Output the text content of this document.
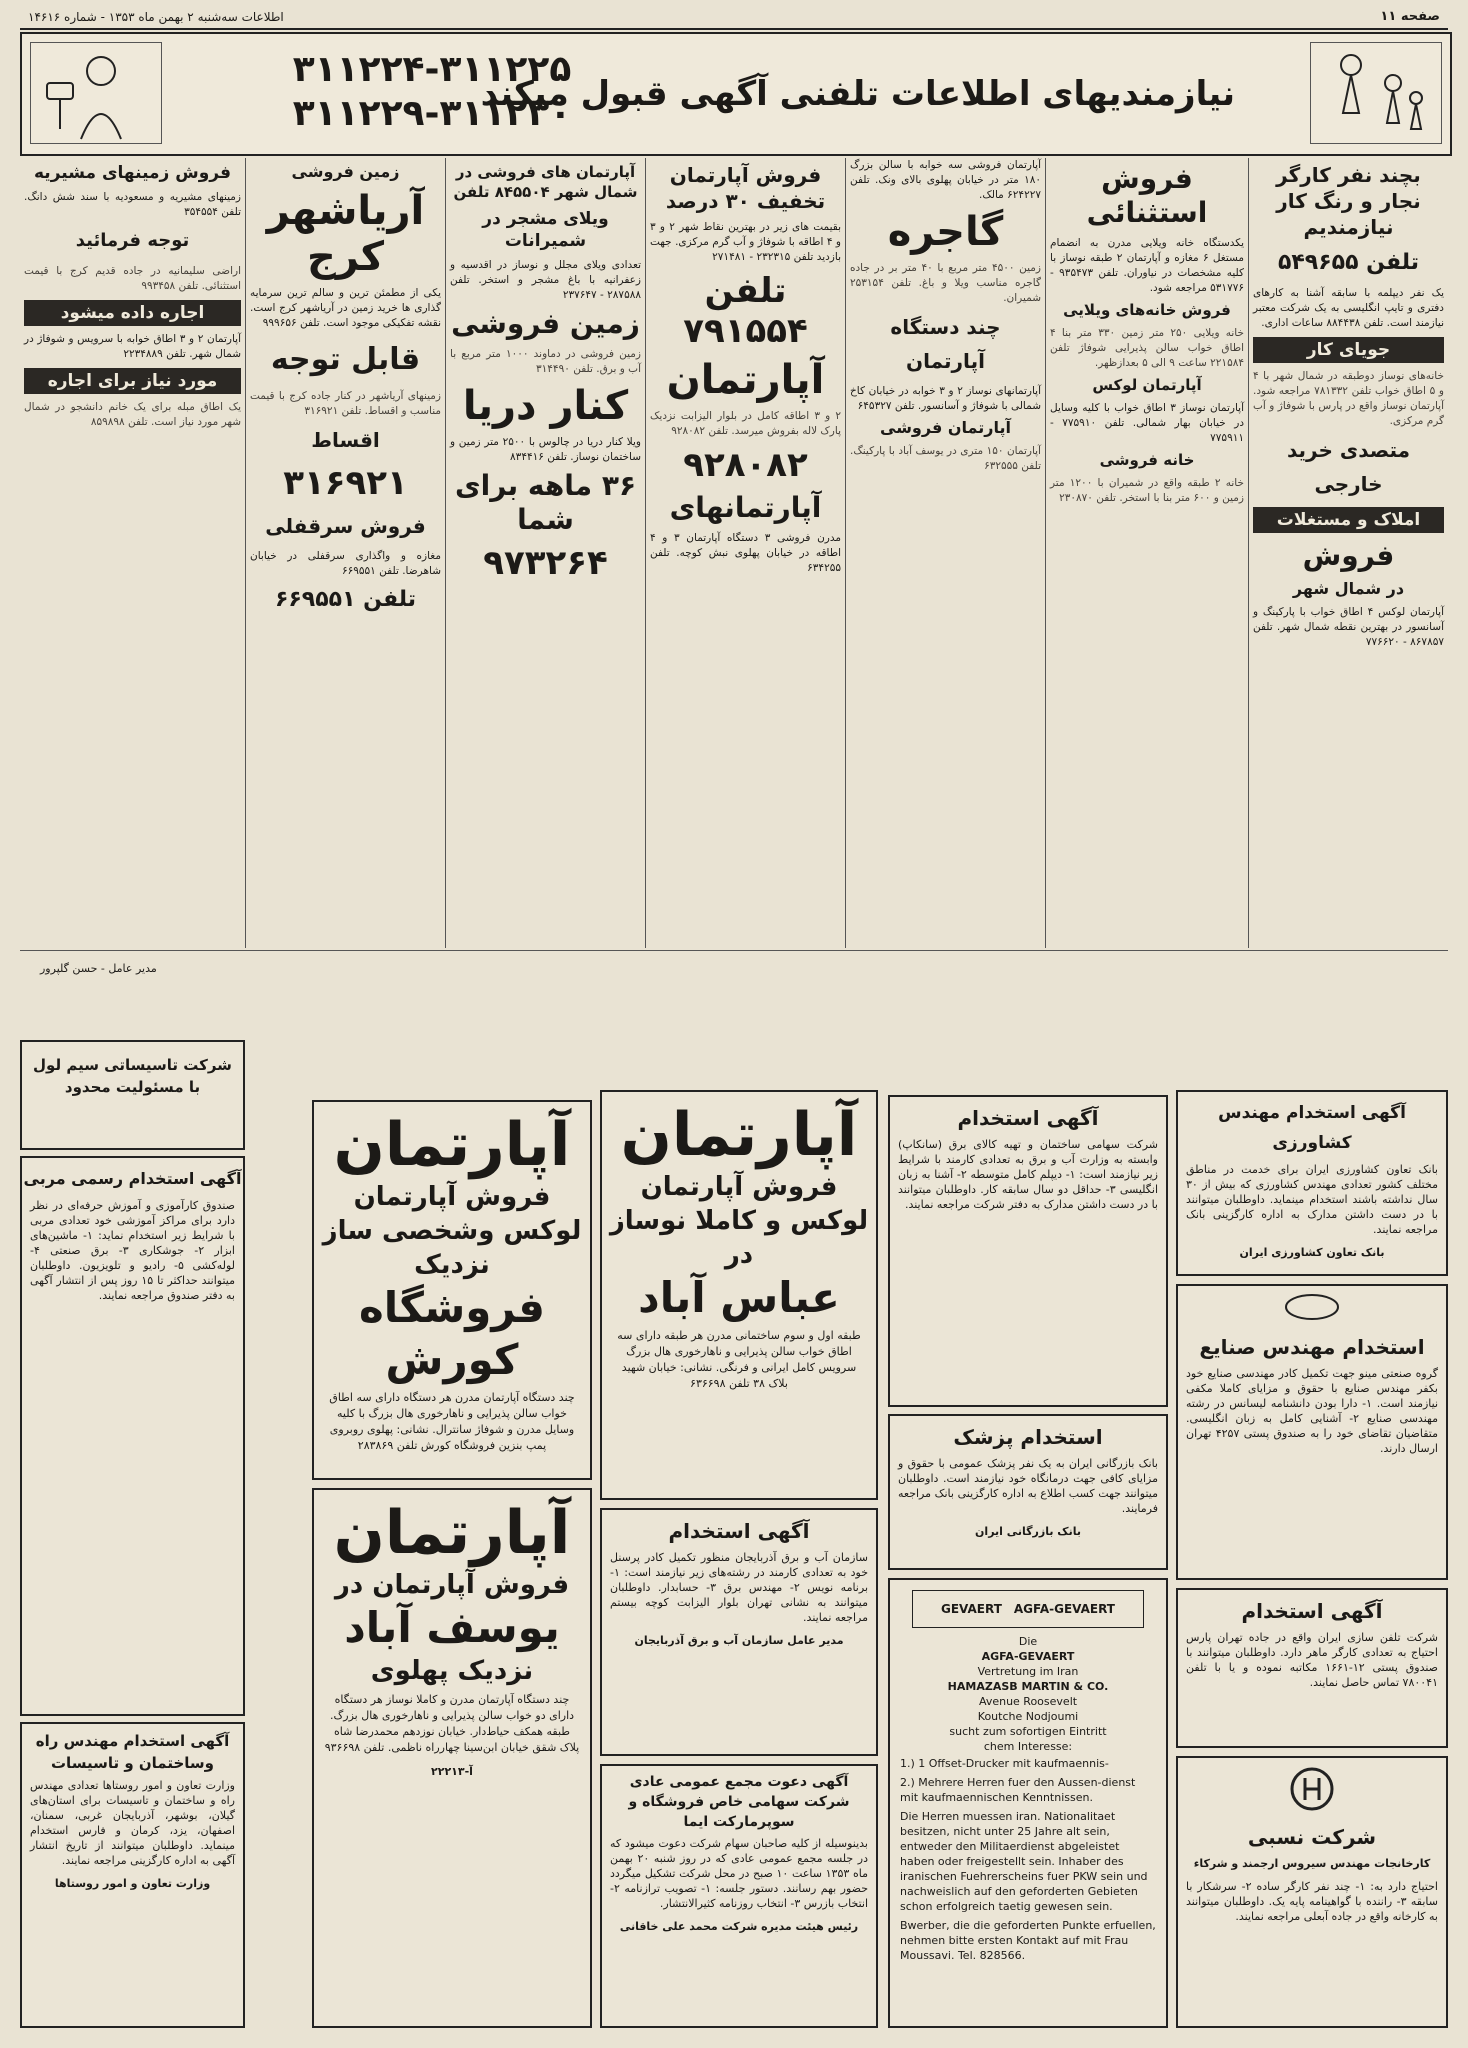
صفحه ۱۱
اطلاعات سه‌شنبه ۲ بهمن ماه ۱۳۵۳ - شماره ۱۴۶۱۶
نیازمندیهای اطلاعات تلفنی آگهی قبول میکند
۳۱۱۲۲۴-۳۱۱۲۲۵
۳۱۱۲۲۹-۳۱۱۲۳۰
بچند نفر کارگر نجار و رنگ کار نیازمندیم
تلفن ۵۴۹۶۵۵
یک نفر دیپلمه با سابقه آشنا به کارهای دفتری و تایپ انگلیسی به یک شرکت معتبر نیازمند است. تلفن ۸۸۴۴۳۸ ساعات اداری.
جویای کار
خانه‌های نوساز دوطبقه در شمال شهر با ۴ و ۵ اطاق خواب تلفن ۷۸۱۳۳۲ مراجعه شود. آپارتمان نوساز واقع در پارس با شوفاژ و آب گرم مرکزی.
متصدی خرید خارجی
املاک و مستغلات
فروش
در شمال شهر
آپارتمان لوکس ۴ اطاق خواب با پارکینگ و آسانسور در بهترین نقطه شمال شهر. تلفن ۸۶۷۸۵۷ - ۷۷۶۶۲۰
فروش استثنائی
یکدستگاه خانه ویلایی مدرن به انضمام مستغل ۶ مغازه و آپارتمان ۲ طبقه نوساز با کلیه مشخصات در نیاوران. تلفن ۹۳۵۴۷۳ - ۵۳۱۷۷۶ مراجعه شود.
فروش خانه‌های ویلایی
خانه ویلایی ۲۵۰ متر زمین ۳۳۰ متر بنا ۴ اطاق خواب سالن پذیرایی شوفاژ تلفن ۲۲۱۵۸۴ ساعت ۹ الی ۵ بعدازظهر.
آپارتمان لوکس
آپارتمان نوساز ۳ اطاق خواب با کلیه وسایل در خیابان بهار شمالی. تلفن ۷۷۵۹۱۰ - ۷۷۵۹۱۱
خانه فروشی
خانه ۲ طبقه واقع در شمیران با ۱۲۰۰ متر زمین و ۶۰۰ متر بنا با استخر. تلفن ۲۳۰۸۷۰
آپارتمان فروشی سه خوابه با سالن بزرگ ۱۸۰ متر در خیابان پهلوی بالای ونک. تلفن ۶۲۴۲۲۷ مالک.
گاجره
زمین ۴۵۰۰ متر مربع با ۴۰ متر بر در جاده گاجره مناسب ویلا و باغ. تلفن ۲۵۳۱۵۴ شمیران.
چند دستگاه آپارتمان
آپارتمانهای نوساز ۲ و ۳ خوابه در خیابان کاخ شمالی با شوفاژ و آسانسور. تلفن ۶۴۵۳۲۷
آپارتمان فروشی
آپارتمان ۱۵۰ متری در یوسف آباد با پارکینگ. تلفن ۶۳۲۵۵۵
فروش آپارتمان تخفیف ۳۰ درصد
بقیمت های زیر در بهترین نقاط شهر ۲ و ۳ و ۴ اطاقه با شوفاژ و آب گرم مرکزی. جهت بازدید تلفن ۲۳۲۳۱۵ - ۲۷۱۴۸۱
تلفن ۷۹۱۵۵۴
آپارتمان
۲ و ۳ اطاقه کامل در بلوار الیزابت نزدیک پارک لاله بفروش میرسد. تلفن ۹۲۸۰۸۲
۹۲۸۰۸۲
آپارتمانهای
مدرن فروشی ۳ دستگاه آپارتمان ۳ و ۴ اطاقه در خیابان پهلوی نبش کوچه. تلفن ۶۳۴۲۵۵
آپارتمان های فروشی در شمال شهر ۸۴۵۵۰۴ تلفن
ویلای مشجر در شمیرانات
تعدادی ویلای مجلل و نوساز در اقدسیه و زعفرانیه با باغ مشجر و استخر. تلفن ۲۸۷۵۸۸ - ۲۳۷۶۴۷
زمین فروشی
زمین فروشی در دماوند ۱۰۰۰ متر مربع با آب و برق. تلفن ۳۱۴۴۹۰
کنار دریا
ویلا کنار دریا در چالوس با ۲۵۰۰ متر زمین و ساختمان نوساز. تلفن ۸۳۴۴۱۶
۳۶ ماهه برای شما
۹۷۳۲۶۴
زمین فروشی
آریاشهر کرج
یکی از مطمئن ترین و سالم ترین سرمایه گذاری ها خرید زمین در آریاشهر کرج است. نقشه تفکیکی موجود است. تلفن ۹۹۹۶۵۶
قابل توجه
زمینهای آریاشهر در کنار جاده کرج با قیمت مناسب و اقساط. تلفن ۳۱۶۹۲۱
اقساط
۳۱۶۹۲۱
فروش سرقفلی
مغازه و واگذاری سرقفلی در خیابان شاهرضا. تلفن ۶۶۹۵۵۱
تلفن ۶۶۹۵۵۱
فروش زمینهای مشیریه
زمینهای مشیریه و مسعودیه با سند شش دانگ. تلفن ۳۵۴۵۵۴
توجه فرمائید
اراضی سلیمانیه در جاده قدیم کرج با قیمت استثنائی. تلفن ۹۹۳۴۵۸
اجاره داده میشود
آپارتمان ۲ و ۳ اطاق خوابه با سرویس و شوفاژ در شمال شهر. تلفن ۲۲۳۴۸۸۹
مورد نیاز برای اجاره
یک اطاق مبله برای یک خانم دانشجو در شمال شهر مورد نیاز است. تلفن ۸۵۹۸۹۸
شرکت تاسیساتی سیم لول با مسئولیت محدود
آگهی استخدام رسمی مربی
صندوق کارآموزی و آموزش حرفه‌ای در نظر دارد برای مراکز آموزشی خود تعدادی مربی با شرایط زیر استخدام نماید: ۱- ماشین‌های ابزار ۲- جوشکاری ۳- برق صنعتی ۴- لوله‌کشی ۵- رادیو و تلویزیون. داوطلبان میتوانند حداکثر تا ۱۵ روز پس از انتشار آگهی به دفتر صندوق مراجعه نمایند.
آگهی استخدام مهندس راه وساختمان و تاسیسات
وزارت تعاون و امور روستاها تعدادی مهندس راه و ساختمان و تاسیسات برای استان‌های گیلان، بوشهر، آذربایجان غربی، سمنان، اصفهان، یزد، کرمان و فارس استخدام مینماید. داوطلبان میتوانند از تاریخ انتشار آگهی به اداره کارگزینی مراجعه نمایند.
وزارت تعاون و امور روستاها
آپارتمان
فروش آپارتمان لوکس وشخصی ساز نزدیک
فروشگاه کورش
چند دستگاه آپارتمان مدرن هر دستگاه دارای سه اطاق خواب سالن پذیرایی و ناهارخوری هال بزرگ با کلیه وسایل مدرن و شوفاژ سانترال. نشانی: پهلوی روبروی پمپ بنزین فروشگاه کورش تلفن ۲۸۳۸۶۹
آپارتمان
فروش آپارتمان در
یوسف آباد
نزدیک پهلوی
چند دستگاه آپارتمان مدرن و کاملا نوساز هر دستگاه دارای دو خواب سالن پذیرایی و ناهارخوری هال بزرگ. طبقه همکف حیاط‌دار. خیابان نوزدهم محمدرضا شاه پلاک شقق خیابان ابن‌سینا چهارراه ناظمی. تلفن ۹۳۶۶۹۸
آ-۲۲۲۱۳
آپارتمان
فروش آپارتمان لوکس و کاملا نوساز در
عباس آباد
طبقه اول و سوم ساختمانی مدرن هر طبقه دارای سه اطاق خواب سالن پذیرایی و ناهارخوری هال بزرگ سرویس کامل ایرانی و فرنگی. نشانی: خیابان شهید بلاک ۳۸ تلفن ۶۳۶۶۹۸
آگهی استخدام
سازمان آب و برق آذربایجان منظور تکمیل کادر پرسنل خود به تعدادی کارمند در رشته‌های زیر نیازمند است: ۱- برنامه نویس ۲- مهندس برق ۳- حسابدار. داوطلبان میتوانند به نشانی تهران بلوار الیزابت کوچه بیستم مراجعه نمایند.
مدیر عامل سازمان آب و برق آذربایجان
آگهی دعوت مجمع عمومی عادی شرکت سهامی خاص فروشگاه و سوپرمارکت ایما
بدینوسیله از کلیه صاحبان سهام شرکت دعوت میشود که در جلسه مجمع عمومی عادی که در روز شنبه ۲۰ بهمن ماه ۱۳۵۳ ساعت ۱۰ صبح در محل شرکت تشکیل میگردد حضور بهم رسانند. دستور جلسه: ۱- تصویب ترازنامه ۲- انتخاب بازرس ۳- انتخاب روزنامه کثیرالانتشار.
رئیس هیئت مدیره شرکت محمد علی خاقانی
آگهی استخدام
شرکت سهامی ساختمان و تهیه کالای برق (سانکاپ) وابسته به وزارت آب و برق به تعدادی کارمند با شرایط زیر نیازمند است: ۱- دیپلم کامل متوسطه ۲- آشنا به زبان انگلیسی ۳- حداقل دو سال سابقه کار. داوطلبان میتوانند با در دست داشتن مدارک به دفتر شرکت مراجعه نمایند.
استخدام پزشک
بانک بازرگانی ایران به یک نفر پزشک عمومی با حقوق و مزایای کافی جهت درمانگاه خود نیازمند است. داوطلبان میتوانند جهت کسب اطلاع به اداره کارگزینی بانک مراجعه فرمایند.
بانک بازرگانی ایران
GEVAERT AGFA-GEVAERT
Die
AGFA-GEVAERT
Vertretung im Iran
HAMAZASB MARTIN & CO.
Avenue Roosevelt
Koutche Nodjoumi
sucht zum sofortigen Eintritt
chem Interesse:
1.) 1 Offset-Drucker mit kaufmaennis-
2.) Mehrere Herren fuer den Aussen-dienst mit kaufmaennischen Kenntnissen.
Die Herren muessen iran. Nationalitaet besitzen, nicht unter 25 Jahre alt sein, entweder den Militaerdienst abgeleistet haben oder freigestellt sein. Inhaber des iranischen Fuehrerscheins fuer PKW sein und nachweislich auf den geforderten Gebieten schon erfolgreich taetig gewesen sein.
Bwerber, die die geforderten Punkte erfuellen, nehmen bitte ersten Kontakt auf mit Frau Moussavi. Tel. 828566.
آگهی استخدام مهندس کشاورزی
بانک تعاون کشاورزی ایران برای خدمت در مناطق مختلف کشور تعدادی مهندس کشاورزی که بیش از ۳۰ سال نداشته باشند استخدام مینماید. داوطلبان میتوانند با در دست داشتن مدارک به اداره کارگزینی بانک مراجعه نمایند.
بانک تعاون کشاورزی ایران
استخدام مهندس صنایع
گروه صنعتی مینو جهت تکمیل کادر مهندسی صنایع خود بکفر مهندس صنایع با حقوق و مزایای کاملا مکفی نیازمند است. ۱- دارا بودن دانشنامه لیسانس در رشته مهندسی صنایع ۲- آشنایی کامل به زبان انگلیسی. متقاضیان تقاضای خود را به صندوق پستی ۴۲۵۷ تهران ارسال دارند.
آگهی استخدام
شرکت تلفن سازی ایران واقع در جاده تهران پارس احتیاج به تعدادی کارگر ماهر دارد. داوطلبان میتوانند با صندوق پستی ۱۲-۱۶۶۱ مکاتبه نموده و یا با تلفن ۷۸۰۰۴۱ تماس حاصل نمایند.
شرکت نسبی
کارخانجات مهندس سیروس ارجمند و شرکاء
احتیاج دارد به: ۱- چند نفر کارگر ساده ۲- سرشکار با سابقه ۳- راننده با گواهینامه پایه یک. داوطلبان میتوانند به کارخانه واقع در جاده آبعلی مراجعه نمایند.
مدیر عامل - حسن گلپرور
